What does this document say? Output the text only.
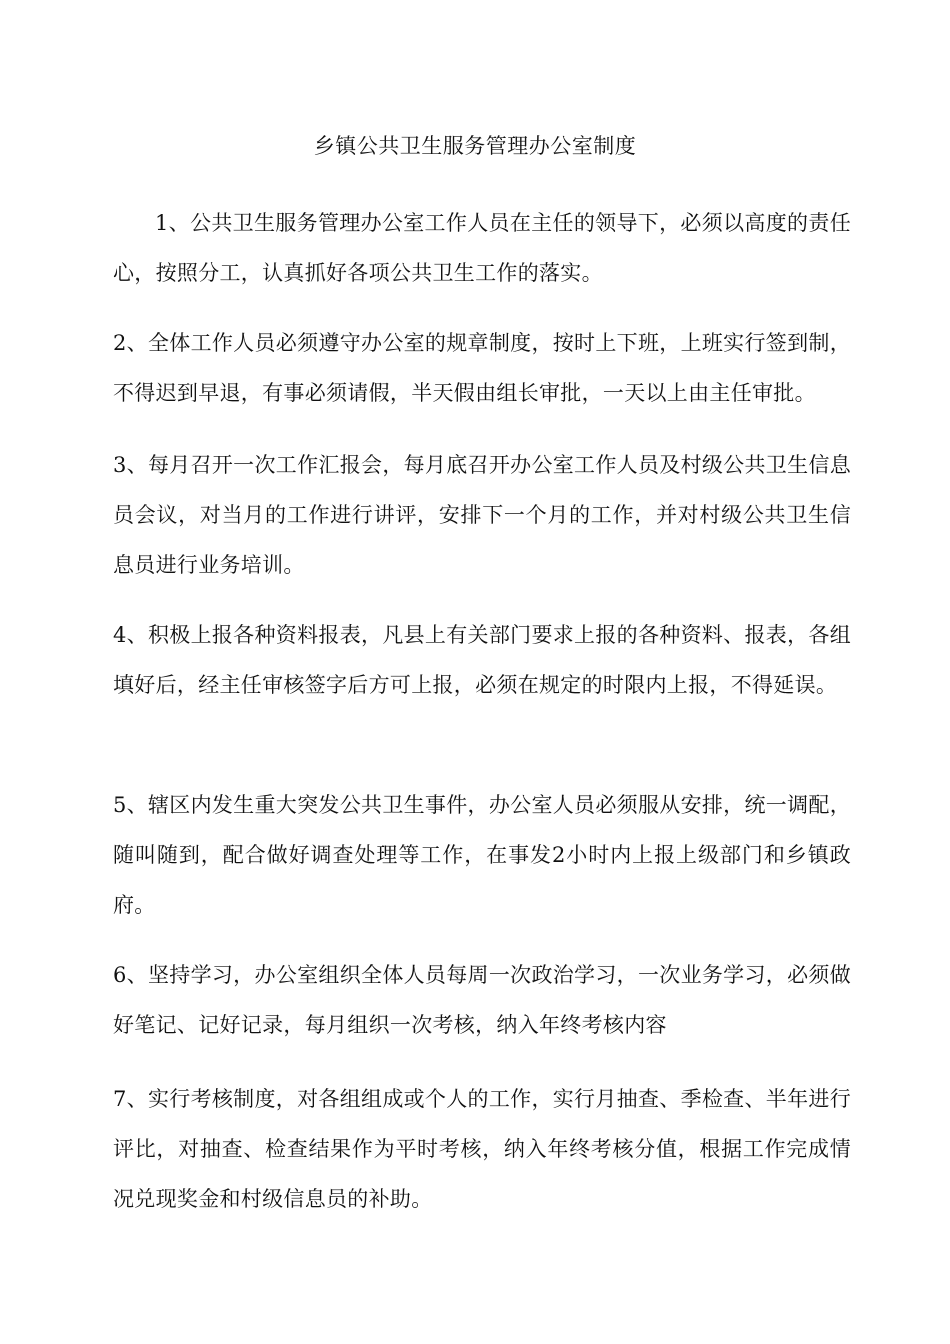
乡镇公共卫生服务管理办公室制度

1、公共卫生服务管理办公室工作人员在主任的领导下，必须以高度的责任心，按照分工，认真抓好各项公共卫生工作的落实。

2、全体工作人员必须遵守办公室的规章制度，按时上下班，上班实行签到制，不得迟到早退，有事必须请假，半天假由组长审批，一天以上由主任审批。

3、每月召开一次工作汇报会，每月底召开办公室工作人员及村级公共卫生信息员会议，对当月的工作进行讲评，安排下一个月的工作，并对村级公共卫生信息员进行业务培训。

4、积极上报各种资料报表，凡县上有关部门要求上报的各种资料、报表，各组填好后，经主任审核签字后方可上报，必须在规定的时限内上报，不得延误。

5、辖区内发生重大突发公共卫生事件，办公室人员必须服从安排，统一调配，随叫随到，配合做好调查处理等工作，在事发2小时内上报上级部门和乡镇政府。

6、坚持学习，办公室组织全体人员每周一次政治学习，一次业务学习，必须做好笔记、记好记录，每月组织一次考核，纳入年终考核内容

7、实行考核制度，对各组组成或个人的工作，实行月抽查、季检查、半年进行评比，对抽查、检查结果作为平时考核，纳入年终考核分值，根据工作完成情况兑现奖金和村级信息员的补助。
